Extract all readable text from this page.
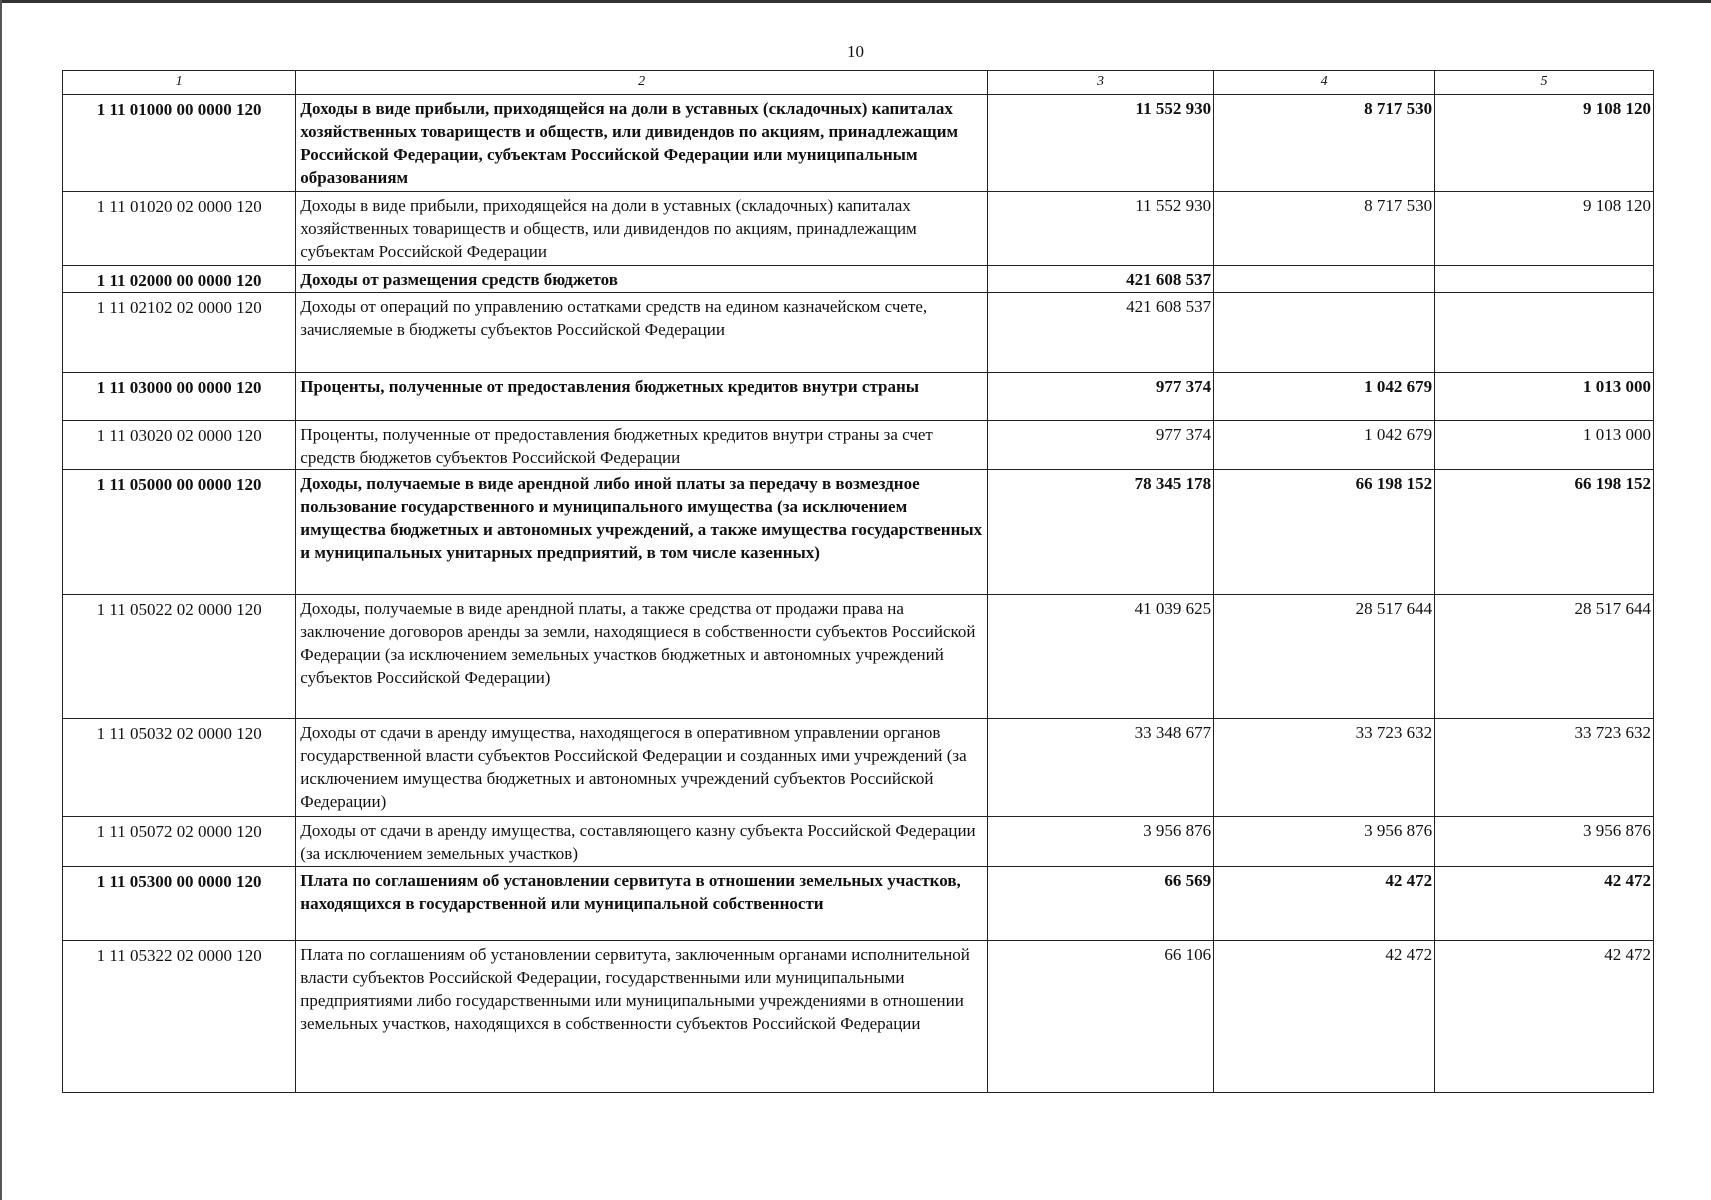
10
1	2	3	4	5
1 11 01000 00 0000 120	Доходы в виде прибыли, приходящейся на доли в уставных (складочных) капиталах хозяйственных товариществ и обществ, или дивидендов по акциям, принадлежащим Российской Федерации, субъектам Российской Федерации или муниципальным образованиям	11 552 930	8 717 530	9 108 120
1 11 01020 02 0000 120	Доходы в виде прибыли, приходящейся на доли в уставных (складочных) капиталах хозяйственных товариществ и обществ, или дивидендов по акциям, принадлежащим субъектам Российской Федерации	11 552 930	8 717 530	9 108 120
1 11 02000 00 0000 120	Доходы от размещения средств бюджетов	421 608 537		
1 11 02102 02 0000 120	Доходы от операций по управлению остатками средств на едином казначейском счете, зачисляемые в бюджеты субъектов Российской Федерации	421 608 537		
1 11 03000 00 0000 120	Проценты, полученные от предоставления бюджетных кредитов внутри страны	977 374	1 042 679	1 013 000
1 11 03020 02 0000 120	Проценты, полученные от предоставления бюджетных кредитов внутри страны за счет средств бюджетов субъектов Российской Федерации	977 374	1 042 679	1 013 000
1 11 05000 00 0000 120	Доходы, получаемые в виде арендной либо иной платы за передачу в возмездное пользование государственного и муниципального имущества (за исключением имущества бюджетных и автономных учреждений, а также имущества государственных и муниципальных унитарных предприятий, в том числе казенных)	78 345 178	66 198 152	66 198 152
1 11 05022 02 0000 120	Доходы, получаемые в виде арендной платы, а также средства от продажи права на заключение договоров аренды за земли, находящиеся в собственности субъектов Российской Федерации (за исключением земельных участков бюджетных и автономных учреждений субъектов Российской Федерации)	41 039 625	28 517 644	28 517 644
1 11 05032 02 0000 120	Доходы от сдачи в аренду имущества, находящегося в оперативном управлении органов государственной власти субъектов Российской Федерации и созданных ими учреждений (за исключением имущества бюджетных и автономных учреждений субъектов Российской Федерации)	33 348 677	33 723 632	33 723 632
1 11 05072 02 0000 120	Доходы от сдачи в аренду имущества, составляющего казну субъекта Российской Федерации (за исключением земельных участков)	3 956 876	3 956 876	3 956 876
1 11 05300 00 0000 120	Плата по соглашениям об установлении сервитута в отношении земельных участков, находящихся в государственной или муниципальной собственности	66 569	42 472	42 472
1 11 05322 02 0000 120	Плата по соглашениям об установлении сервитута, заключенным органами исполнительной власти субъектов Российской Федерации, государственными или муниципальными предприятиями либо государственными или муниципальными учреждениями в отношении земельных участков, находящихся в собственности субъектов Российской Федерации	66 106	42 472	42 472
